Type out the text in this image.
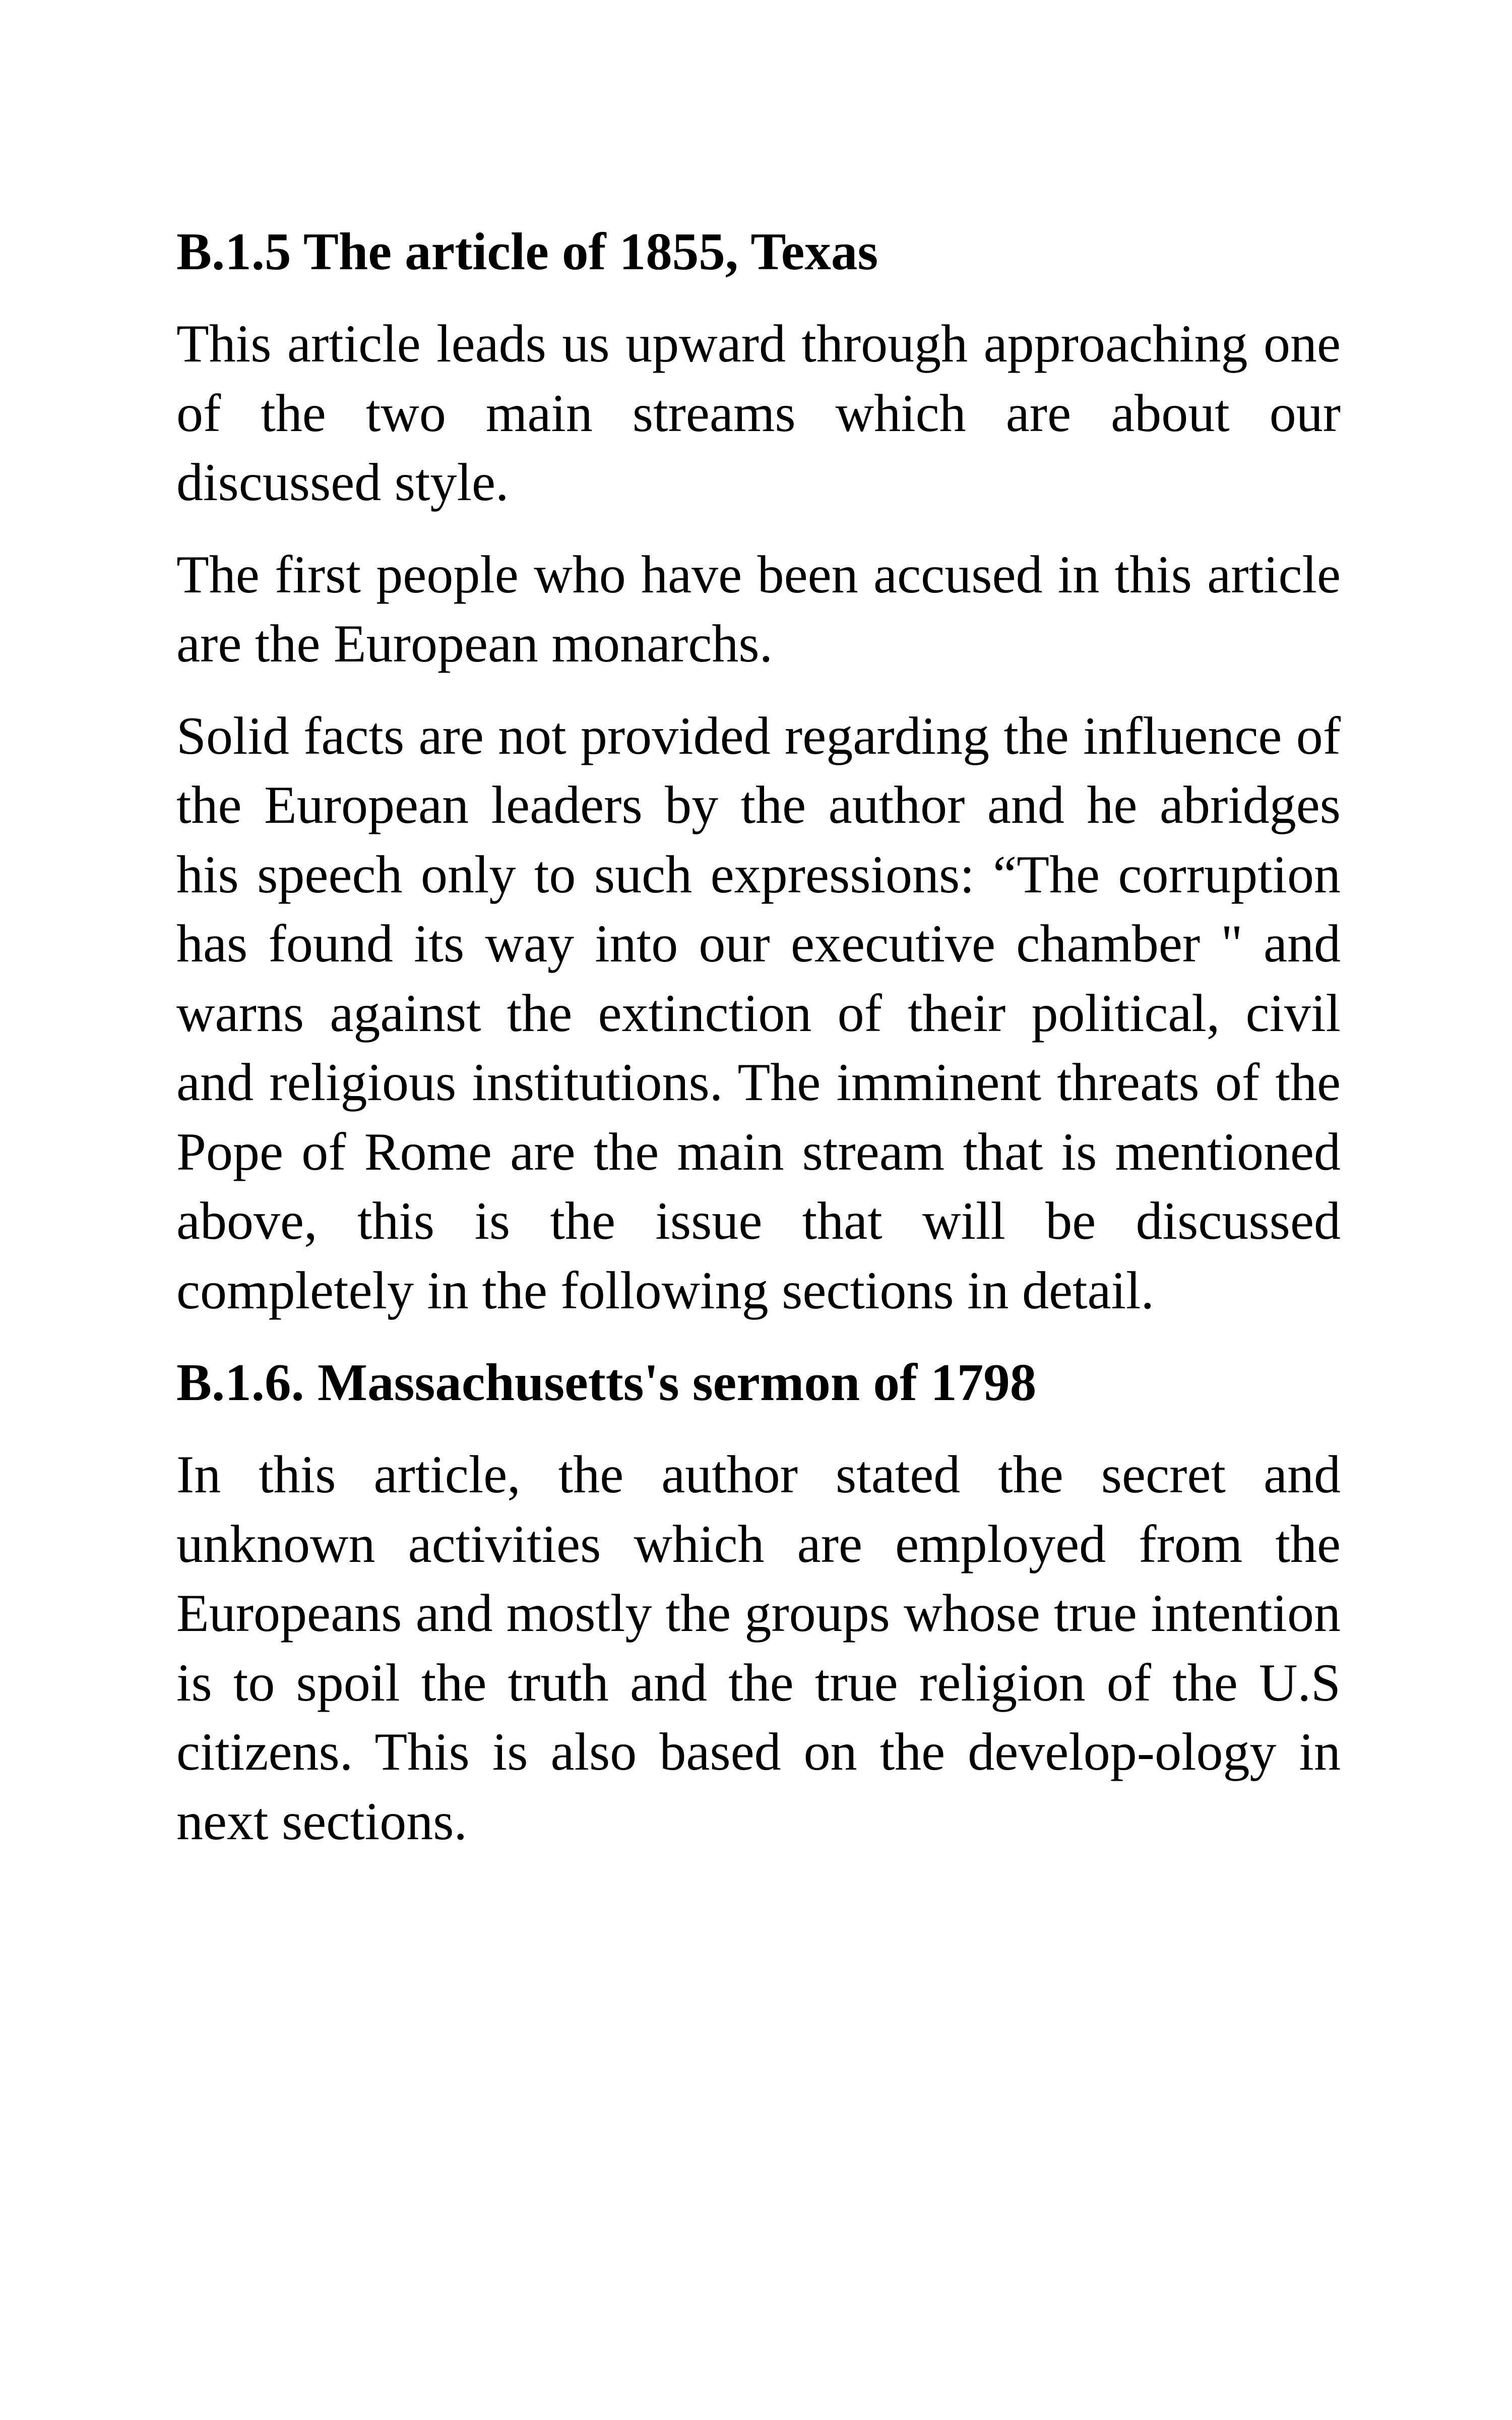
B.1.5 The article of 1855, Texas

This article leads us upward through approaching one of the two main streams which are about our discussed style.

The first people who have been accused in this article are the European monarchs.

Solid facts are not provided regarding the influence of the European leaders by the author and he abridges his speech only to such expressions: “The corruption has found its way into our executive chamber " and warns against the extinction of their political, civil and religious institutions. The imminent threats of the Pope of Rome are the main stream that is mentioned above, this is the issue that will be discussed completely in the following sections in detail.

B.1.6. Massachusetts's sermon of 1798

In this article, the author stated the secret and unknown activities which are employed from the Europeans and mostly the groups whose true intention is to spoil the truth and the true religion of the U.S citizens. This is also based on the develop-ology in next sections.
